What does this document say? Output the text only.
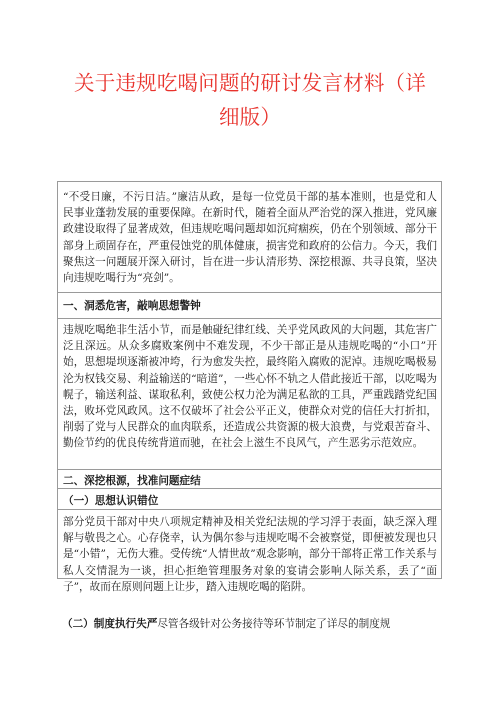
关于违规吃喝问题的研讨发言材料（详
细版）
“不受日廉，不污日洁。”廉洁从政，是每一位党员干部的基本准则，也是党和人民事业蓬勃发展的重要保障。在新时代，随着全面从严治党的深入推进，党风廉政建设取得了显著成效，但违规吃喝问题却如沉疴痼疾，仍在个别领域、部分干部身上顽固存在，严重侵蚀党的肌体健康，损害党和政府的公信力。今天，我们聚焦这一问题展开深入研讨，旨在进一步认清形势、深挖根源、共寻良策，坚决向违规吃喝行为“亮剑”。
一、洞悉危害，敲响思想警钟
违规吃喝绝非生活小节，而是触碰纪律红线、关乎党风政风的大问题，其危害广泛且深远。从众多腐败案例中不难发现，不少干部正是从违规吃喝的“小口”开始，思想堤坝逐渐被冲垮，行为愈发失控，最终陷入腐败的泥淖。违规吃喝极易沦为权钱交易、利益输送的“暗道”，一些心怀不轨之人借此接近干部，以吃喝为幌子，输送利益、谋取私利，致使公权力沦为满足私欲的工具，严重践踏党纪国法，败坏党风政风。这不仅破坏了社会公平正义，使群众对党的信任大打折扣，削弱了党与人民群众的血肉联系，还造成公共资源的极大浪费，与党艰苦奋斗、勤俭节约的优良传统背道而驰，在社会上滋生不良风气，产生恶劣示范效应。
二、深挖根源，找准问题症结
（一）思想认识错位
部分党员干部对中央八项规定精神及相关党纪法规的学习浮于表面，缺乏深入理解与敬畏之心。心存侥幸，认为偶尔参与违规吃喝不会被察觉，即便被发现也只是“小错”，无伤大雅。受传统“人情世故”观念影响，部分干部将正常工作关系与私人交情混为一谈，担心拒绝管理服务对象的宴请会影响人际关系，丢了“面子”，故而在原则问题上让步，踏入违规吃喝的陷阱。
（二）制度执行失严尽管各级针对公务接待等环节制定了详尽的制度规
